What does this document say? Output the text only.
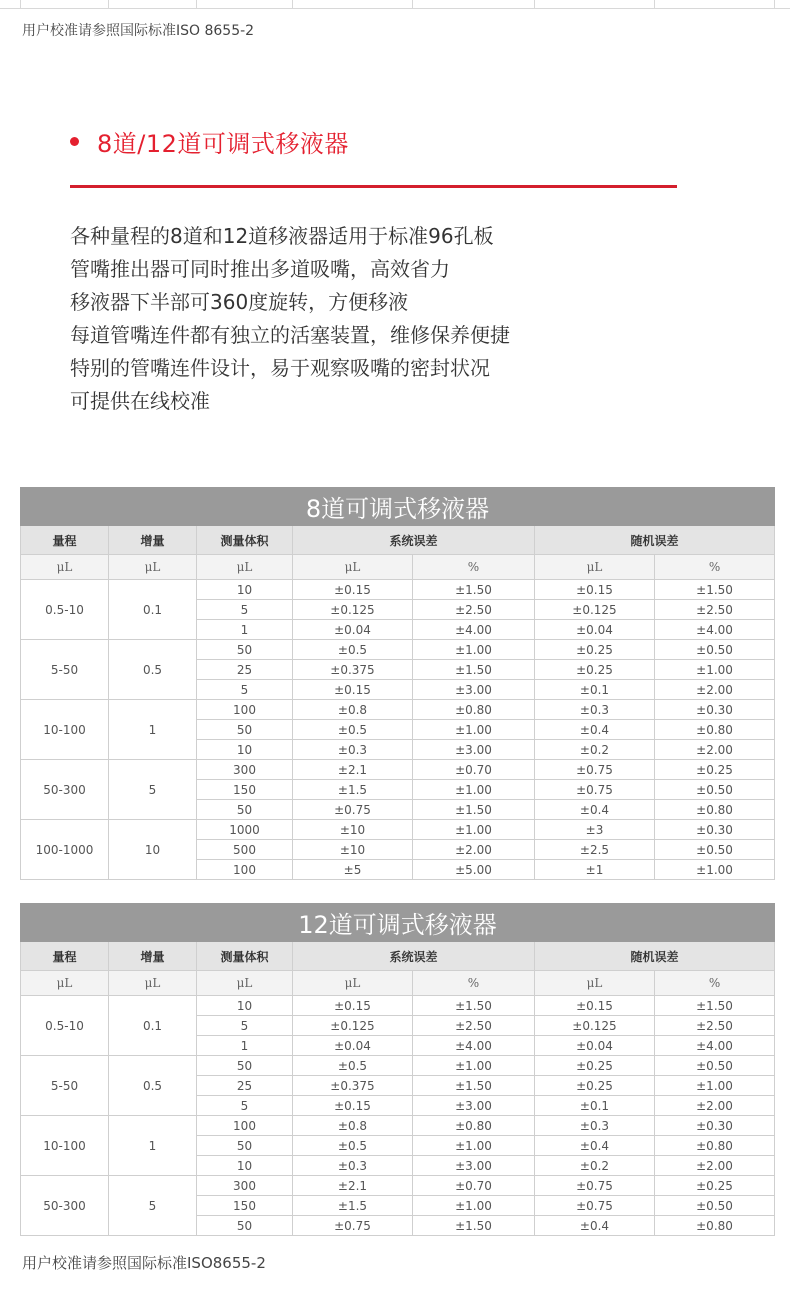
用户校准请参照国际标准ISO 8655-2
8道/12道可调式移液器
各种量程的8道和12道移液器适用于标准96孔板
管嘴推出器可同时推出多道吸嘴，高效省力
移液器下半部可360度旋转，方便移液
每道管嘴连件都有独立的活塞装置，维修保养便捷
特别的管嘴连件设计，易于观察吸嘴的密封状况
可提供在线校准
8道可调式移液器						
量程	增量	测量体积	系统误差		随机误差	
μL	μL	μL	μL	%	μL	%
0.5-10	0.1	10	±0.15	±1.50	±0.15	±1.50
		5	±0.125	±2.50	±0.125	±2.50
		1	±0.04	±4.00	±0.04	±4.00
5-50	0.5	50	±0.5	±1.00	±0.25	±0.50
		25	±0.375	±1.50	±0.25	±1.00
		5	±0.15	±3.00	±0.1	±2.00
10-100	1	100	±0.8	±0.80	±0.3	±0.30
		50	±0.5	±1.00	±0.4	±0.80
		10	±0.3	±3.00	±0.2	±2.00
50-300	5	300	±2.1	±0.70	±0.75	±0.25
		150	±1.5	±1.00	±0.75	±0.50
		50	±0.75	±1.50	±0.4	±0.80
100-1000	10	1000	±10	±1.00	±3	±0.30
		500	±10	±2.00	±2.5	±0.50
		100	±5	±5.00	±1	±1.00
12道可调式移液器						
量程	增量	测量体积	系统误差		随机误差	
μL	μL	μL	μL	%	μL	%
0.5-10	0.1	10	±0.15	±1.50	±0.15	±1.50
		5	±0.125	±2.50	±0.125	±2.50
		1	±0.04	±4.00	±0.04	±4.00
5-50	0.5	50	±0.5	±1.00	±0.25	±0.50
		25	±0.375	±1.50	±0.25	±1.00
		5	±0.15	±3.00	±0.1	±2.00
10-100	1	100	±0.8	±0.80	±0.3	±0.30
		50	±0.5	±1.00	±0.4	±0.80
		10	±0.3	±3.00	±0.2	±2.00
50-300	5	300	±2.1	±0.70	±0.75	±0.25
		150	±1.5	±1.00	±0.75	±0.50
		50	±0.75	±1.50	±0.4	±0.80
用户校准请参照国际标准ISO8655-2
